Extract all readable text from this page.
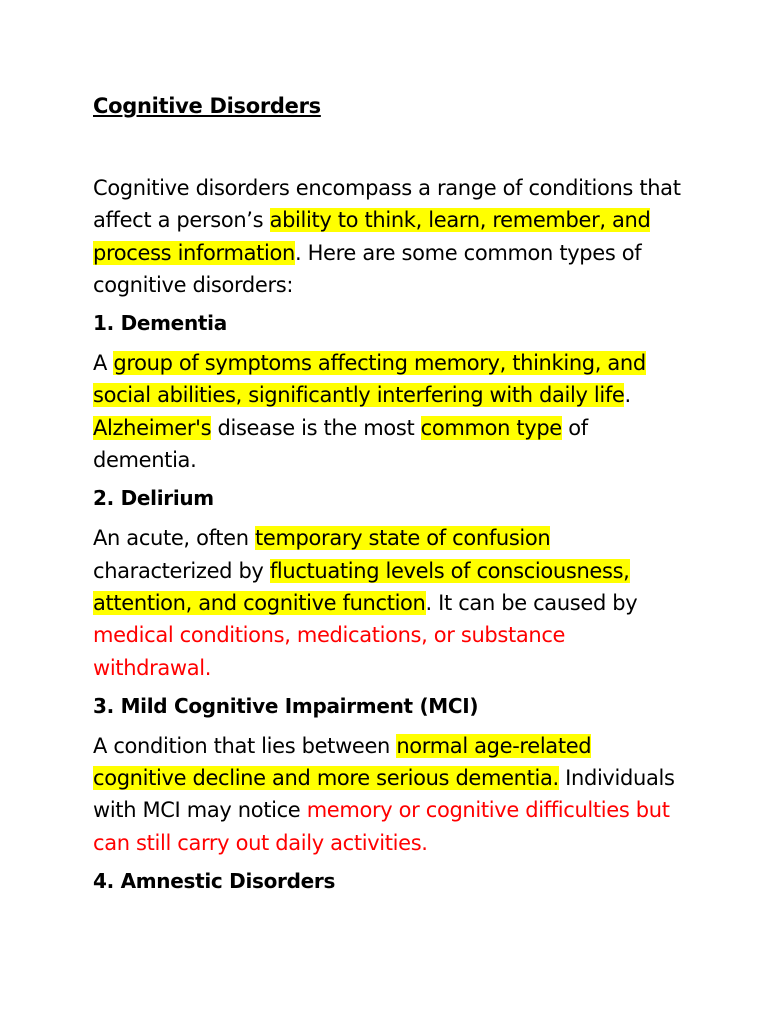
Cognitive Disorders

Cognitive disorders encompass a range of conditions that affect a person’s ability to think, learn, remember, and process information. Here are some common types of cognitive disorders:

1. Dementia

A group of symptoms affecting memory, thinking, and social abilities, significantly interfering with daily life. Alzheimer's disease is the most common type of dementia.

2. Delirium

An acute, often temporary state of confusion characterized by fluctuating levels of consciousness, attention, and cognitive function. It can be caused by medical conditions, medications, or substance withdrawal.

3. Mild Cognitive Impairment (MCI)

A condition that lies between normal age-related cognitive decline and more serious dementia. Individuals with MCI may notice memory or cognitive difficulties but can still carry out daily activities.

4. Amnestic Disorders
